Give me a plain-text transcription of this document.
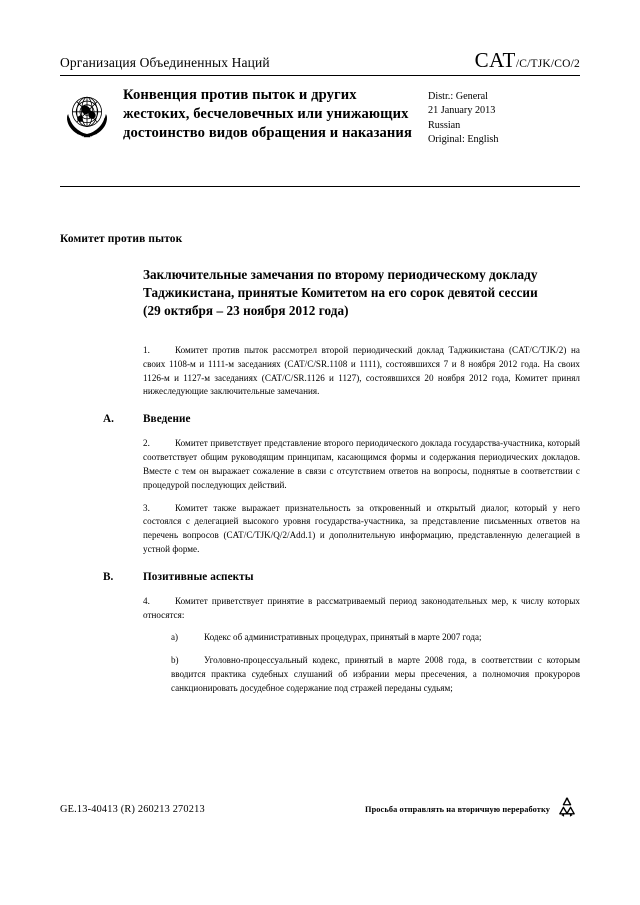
Организация Объединенных Наций	CAT/C/TJK/CO/2
Конвенция против пыток и других жестоких, бесчеловечных или унижающих достоинство видов обращения и наказания
Distr.: General
21 January 2013
Russian
Original: English
Комитет против пыток
Заключительные замечания по второму периодическому докладу Таджикистана, принятые Комитетом на его сорок девятой сессии (29 октября – 23 ноября 2012 года)
1.	Комитет против пыток рассмотрел второй периодический доклад Таджикистана (CAT/C/TJK/2) на своих 1108-м и 1111-м заседаниях (CAT/C/SR.1108 и 1111), состоявшихся 7 и 8 ноября 2012 года. На своих 1126-м и 1127-м заседаниях (CAT/C/SR.1126 и 1127), состоявшихся 20 ноября 2012 года, Комитет принял нижеследующие заключительные замечания.
A.	Введение
2.	Комитет приветствует представление второго периодического доклада государства-участника, который соответствует общим руководящим принципам, касающимся формы и содержания периодических докладов. Вместе с тем он выражает сожаление в связи с отсутствием ответов на вопросы, поднятые в соответствии с процедурой последующих действий.
3.	Комитет также выражает признательность за откровенный и открытый диалог, который у него состоялся с делегацией высокого уровня государства-участника, за представление письменных ответов на перечень вопросов (CAT/C/TJK/Q/2/Add.1) и дополнительную информацию, представленную делегацией в устной форме.
B.	Позитивные аспекты
4.	Комитет приветствует принятие в рассматриваемый период законодательных мер, к числу которых относятся:
a)	Кодекс об административных процедурах, принятый в марте 2007 года;
b)	Уголовно-процессуальный кодекс, принятый в марте 2008 года, в соответствии с которым вводится практика судебных слушаний об избрании меры пресечения, а полномочия прокуроров санкционировать досудебное содержание под стражей переданы судьям;
GE.13-40413 (R) 260213 270213	Просьба отправлять на вторичную переработку
